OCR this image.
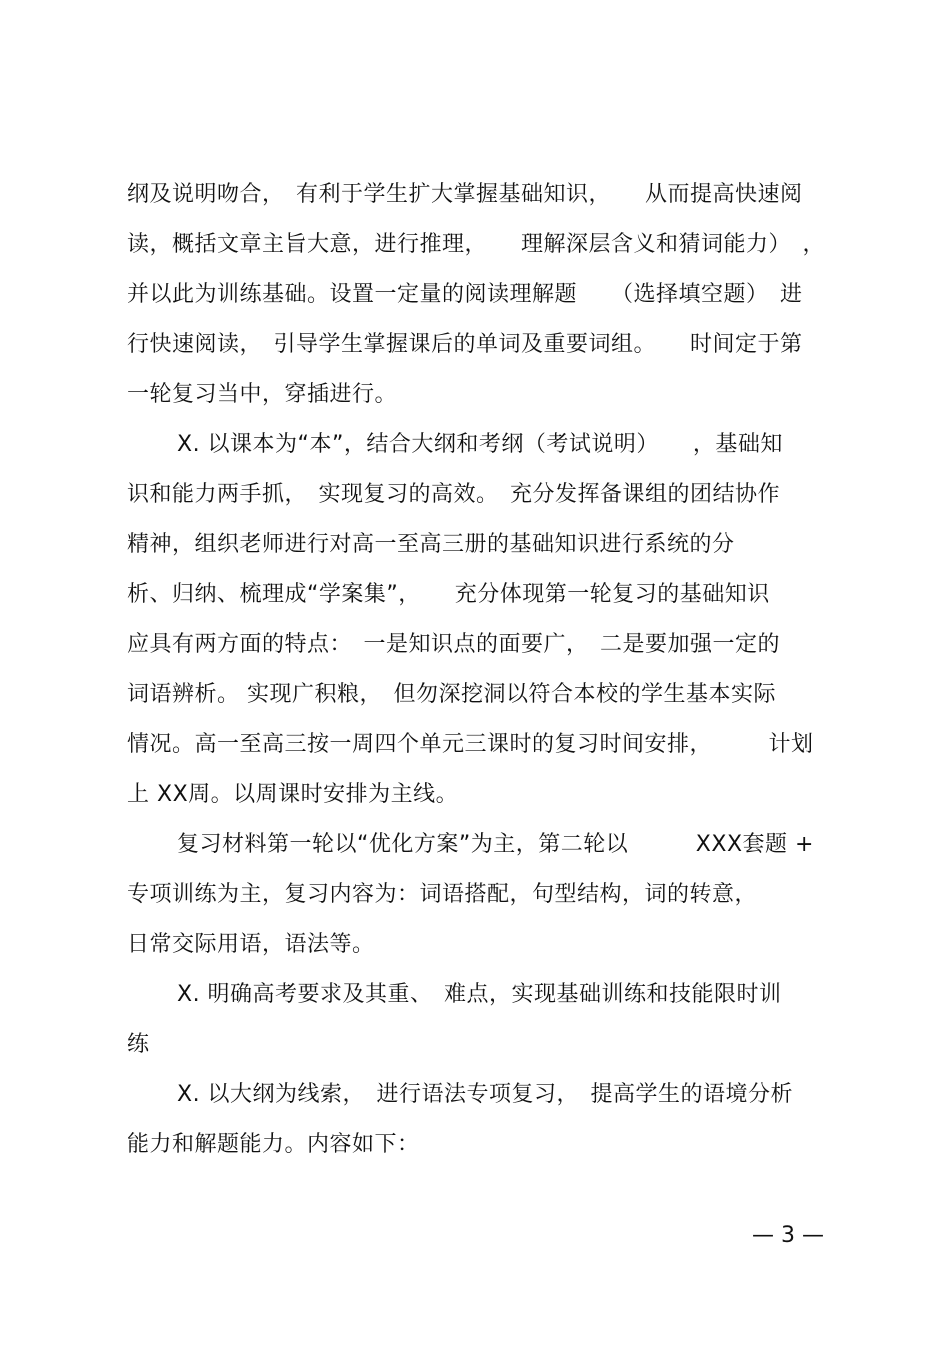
纲及说明吻合，　有利于学生扩大掌握基础知识，　　从而提高快速阅
读，概括文章主旨大意，进行推理，　　理解深层含义和猜词能力）　，
并以此为训练基础。设置一定量的阅读理解题　　（选择填空题）　进
行快速阅读，　引导学生掌握课后的单词及重要词组。　　时间定于第
一轮复习当中，穿插进行。
X. 以课本为“本”，结合大纲和考纲（考试说明）　　，基础知
识和能力两手抓，　实现复习的高效。　充分发挥备课组的团结协作
精神，组织老师进行对高一至高三册的基础知识进行系统的分
析、归纳、梳理成“学案集”，　　充分体现第一轮复习的基础知识
应具有两方面的特点：　一是知识点的面要广，　二是要加强一定的
词语辨析。 实现广积粮，　但勿深挖洞以符合本校的学生基本实际
情况。高一至高三按一周四个单元三课时的复习时间安排，　　　计划
上 XX周。以周课时安排为主线。
复习材料第一轮以“优化方案”为主，第二轮以　　　XXX套题 +
专项训练为主，复习内容为：词语搭配，句型结构，词的转意，
日常交际用语，语法等。
X. 明确高考要求及其重、　难点，实现基础训练和技能限时训
练
X. 以大纲为线索，　进行语法专项复习，　提高学生的语境分析
能力和解题能力。内容如下：
— 3 —
